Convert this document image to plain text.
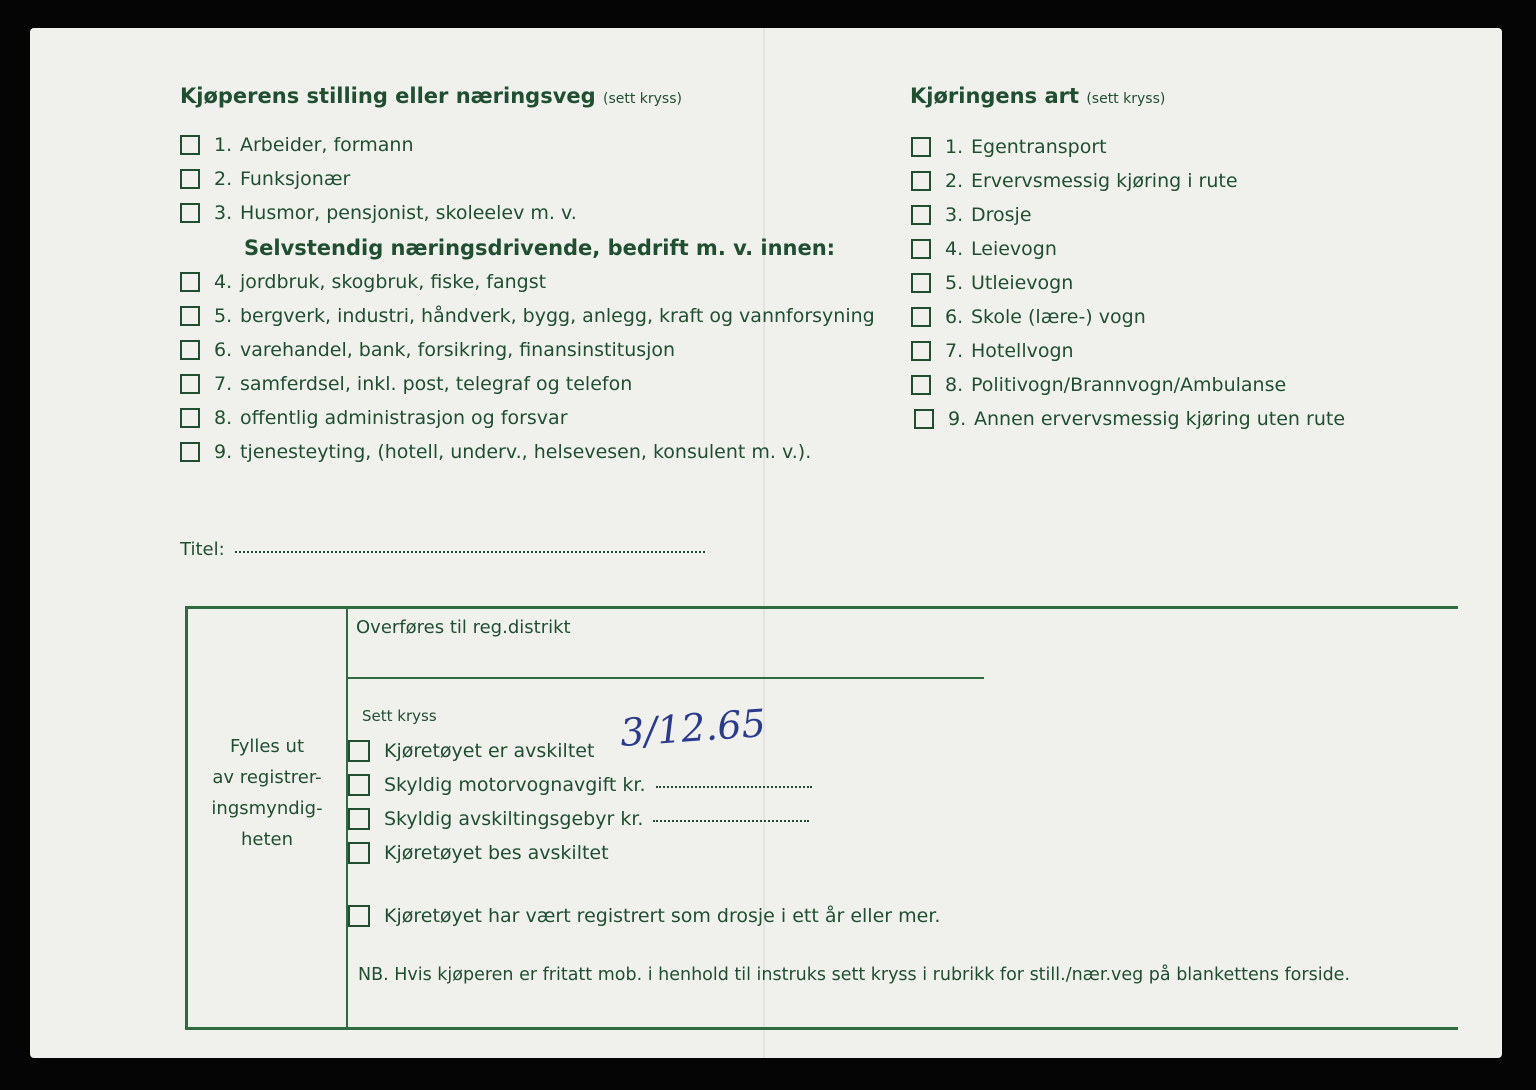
Kjøperens stilling eller næringsveg (sett kryss)
1. Arbeider, formann
2. Funksjonær
3. Husmor, pensjonist, skoleelev m. v.
Selvstendig næringsdrivende, bedrift m. v. innen:
4. jordbruk, skogbruk, fiske, fangst
5. bergverk, industri, håndverk, bygg, anlegg, kraft og vannforsyning
6. varehandel, bank, forsikring, finansinstitusjon
7. samferdsel, inkl. post, telegraf og telefon
8. offentlig administrasjon og forsvar
9. tjenesteyting, (hotell, underv., helsevesen, konsulent m. v.).
Titel:
Kjøringens art (sett kryss)
1. Egentransport
2. Ervervsmessig kjøring i rute
3. Drosje
4. Leievogn
5. Utleievogn
6. Skole (lære-) vogn
7. Hotellvogn
8. Politivogn/Brannvogn/Ambulanse
9. Annen ervervsmessig kjøring uten rute
Fylles ut
av registrer-
ingsmyndig-
heten
Overføres til reg.distrikt
Sett kryss
Kjøretøyet er avskiltet
Skyldig motorvognavgift kr.
Skyldig avskiltingsgebyr kr.
Kjøretøyet bes avskiltet
Kjøretøyet har vært registrert som drosje i ett år eller mer.
NB. Hvis kjøperen er fritatt mob. i henhold til instruks sett kryss i rubrikk for still./nær.veg på blankettens forside.
3/12.65
